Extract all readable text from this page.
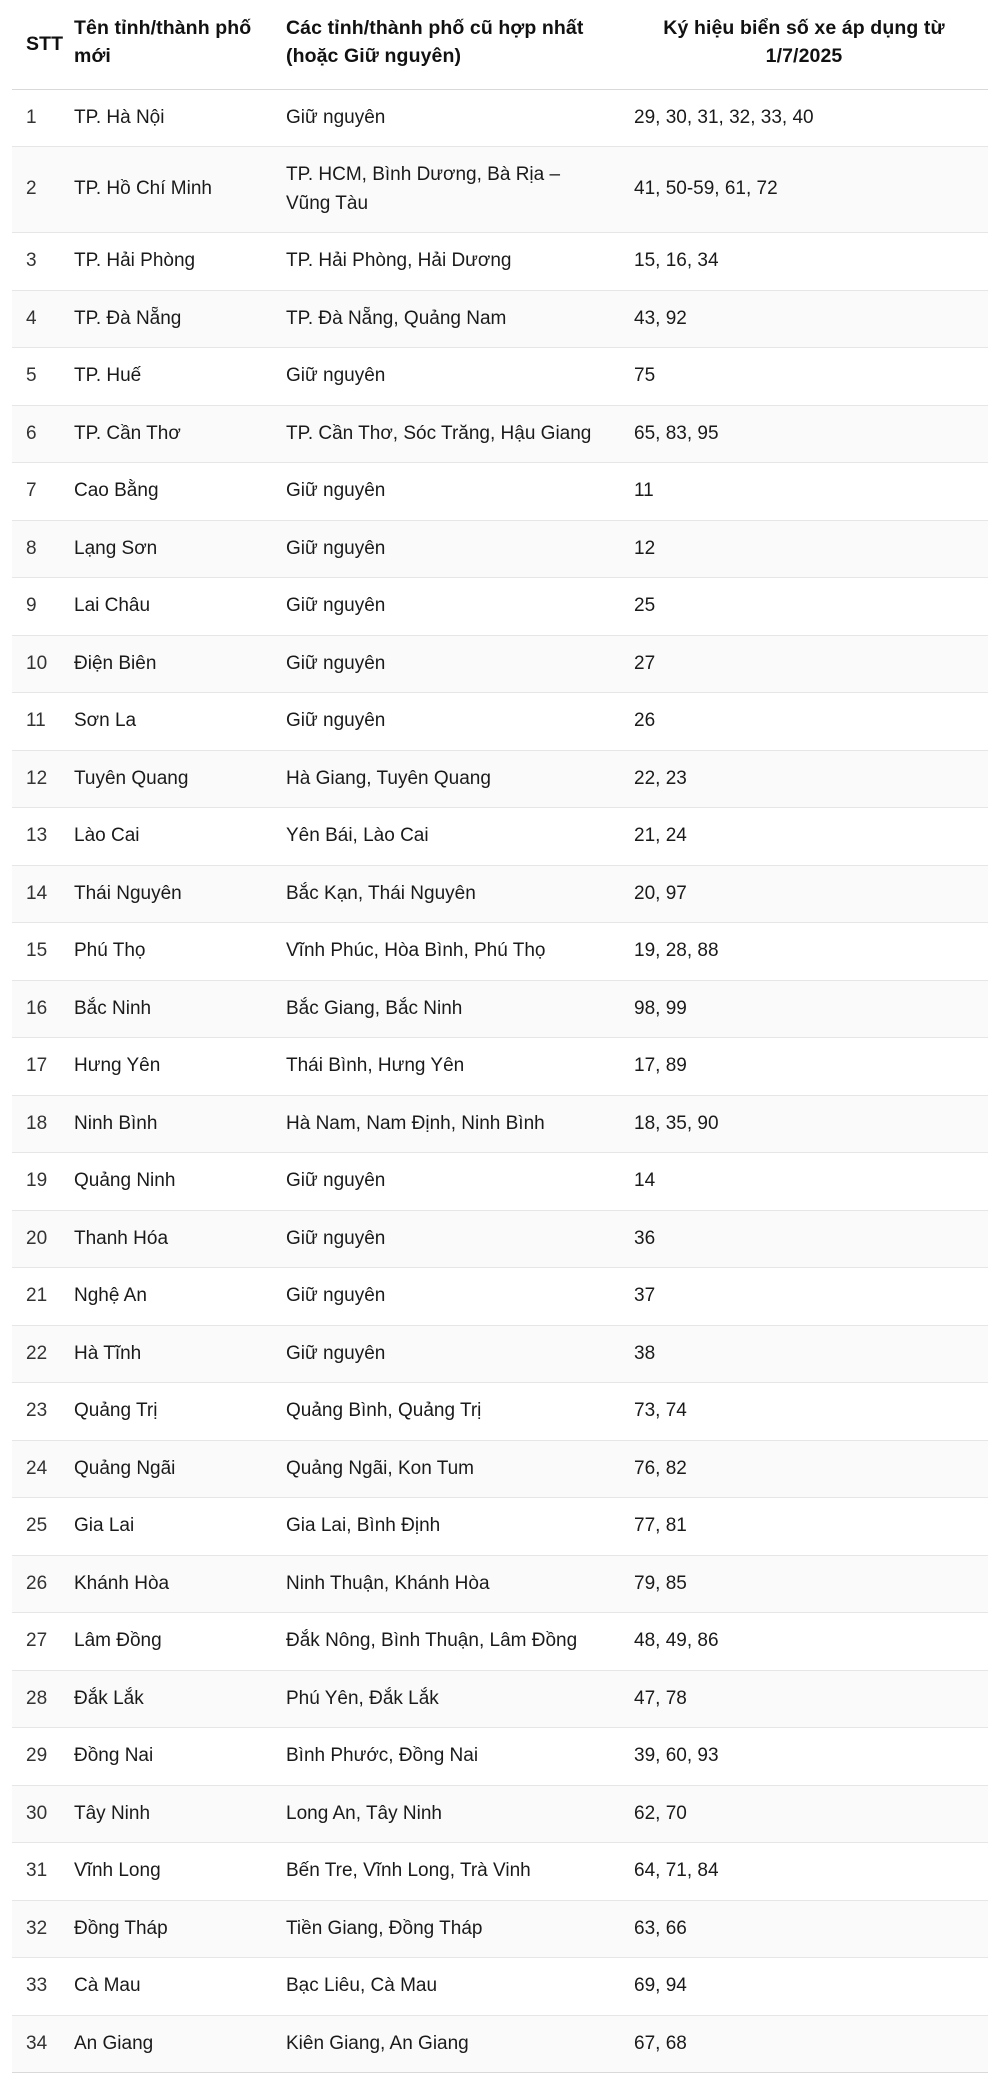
STT	Tên tỉnh/thành phố mới	Các tỉnh/thành phố cũ hợp nhất (hoặc Giữ nguyên)	Ký hiệu biển số xe áp dụng từ 1/7/2025
1	TP. Hà Nội	Giữ nguyên	29, 30, 31, 32, 33, 40
2	TP. Hồ Chí Minh	TP. HCM, Bình Dương, Bà Rịa – Vũng Tàu	41, 50-59, 61, 72
3	TP. Hải Phòng	TP. Hải Phòng, Hải Dương	15, 16, 34
4	TP. Đà Nẵng	TP. Đà Nẵng, Quảng Nam	43, 92
5	TP. Huế	Giữ nguyên	75
6	TP. Cần Thơ	TP. Cần Thơ, Sóc Trăng, Hậu Giang	65, 83, 95
7	Cao Bằng	Giữ nguyên	11
8	Lạng Sơn	Giữ nguyên	12
9	Lai Châu	Giữ nguyên	25
10	Điện Biên	Giữ nguyên	27
11	Sơn La	Giữ nguyên	26
12	Tuyên Quang	Hà Giang, Tuyên Quang	22, 23
13	Lào Cai	Yên Bái, Lào Cai	21, 24
14	Thái Nguyên	Bắc Kạn, Thái Nguyên	20, 97
15	Phú Thọ	Vĩnh Phúc, Hòa Bình, Phú Thọ	19, 28, 88
16	Bắc Ninh	Bắc Giang, Bắc Ninh	98, 99
17	Hưng Yên	Thái Bình, Hưng Yên	17, 89
18	Ninh Bình	Hà Nam, Nam Định, Ninh Bình	18, 35, 90
19	Quảng Ninh	Giữ nguyên	14
20	Thanh Hóa	Giữ nguyên	36
21	Nghệ An	Giữ nguyên	37
22	Hà Tĩnh	Giữ nguyên	38
23	Quảng Trị	Quảng Bình, Quảng Trị	73, 74
24	Quảng Ngãi	Quảng Ngãi, Kon Tum	76, 82
25	Gia Lai	Gia Lai, Bình Định	77, 81
26	Khánh Hòa	Ninh Thuận, Khánh Hòa	79, 85
27	Lâm Đồng	Đắk Nông, Bình Thuận, Lâm Đồng	48, 49, 86
28	Đắk Lắk	Phú Yên, Đắk Lắk	47, 78
29	Đồng Nai	Bình Phước, Đồng Nai	39, 60, 93
30	Tây Ninh	Long An, Tây Ninh	62, 70
31	Vĩnh Long	Bến Tre, Vĩnh Long, Trà Vinh	64, 71, 84
32	Đồng Tháp	Tiền Giang, Đồng Tháp	63, 66
33	Cà Mau	Bạc Liêu, Cà Mau	69, 94
34	An Giang	Kiên Giang, An Giang	67, 68
